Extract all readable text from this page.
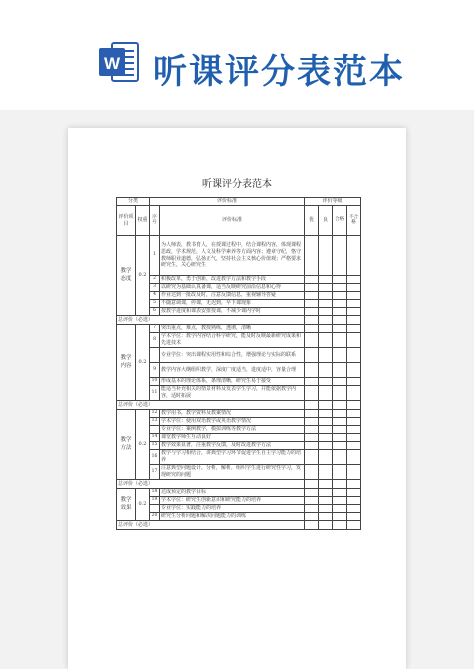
W 听课评分表范本
听课评分表范本
分类		评价标准		评价等级			
评价项目	权重	序号	评价标准	优	良	合格	不合格
教学态度	0.2	1	为人师表，教书育人，在授课过程中，结合课程内容，体现课程思政，学术规范，人文及科学素养等方面内容；遵章守纪，恪守教师职业道德，弘扬正气，坚持社会主义核心价值观；严格要求研究生，关心研究生				
		2	积极改革，勇于创新，改进教学方法和教学手段				
		3	以研究为基础认真备课，适当反映研究前沿信息和心得				
		4	作业达到一批改及时，注意反馈信息，重视辅导答疑				
		5	不随意调课，停课，无迟到，早下课现象				
		6	按教学进度和课表安排授课，不减少课内学时				
总评价（必选）							
教学内容	0.2	7	突出重点，难点，教授熟练，透彻，清晰				
		8	学术学位：教学内容结合科学研究，能及时反映最新研究成果和先进技术				
			专业学位：突出课程实用性和综合性，增强理论与实际的联系				
		9	教学内容大纲组织教学，深度广度适当，进度适中，容量合理				
		10	形成基本的理论体系，条理清晰，研究生易于接受				
		11	能适当补充相关的情景材料及发表学生学习，并能依据教学内容，适时拓展				
总评价（必选）							
教学方法	0.2	12	教学用书，教学资料及教案情况				
		13	学术学位：使用双语教学或英语教学情况				
			专业学位：案例教学，模拟训练等教学方法				
		14	课堂教学师生互动良好				
		15	教学效果显著，注重教学反馈，及时改进教学方法				
		16	教学与学习相结合，讲典型学习环节促进学生自主学习能力的培养				
		17	注意典型问题设计，分析，解析，组织学生进行研究性学习，发现研究的问题				
总评价（必选）							
教学效果	0.2	18	达成预定的教学目标				
		19	学术学位：研究生创新意识和研究能力的培养				
			专业学位：实践能力的培养				
		20	研究生分析问题和解决问题能力的训练				
总评价（必选）							
